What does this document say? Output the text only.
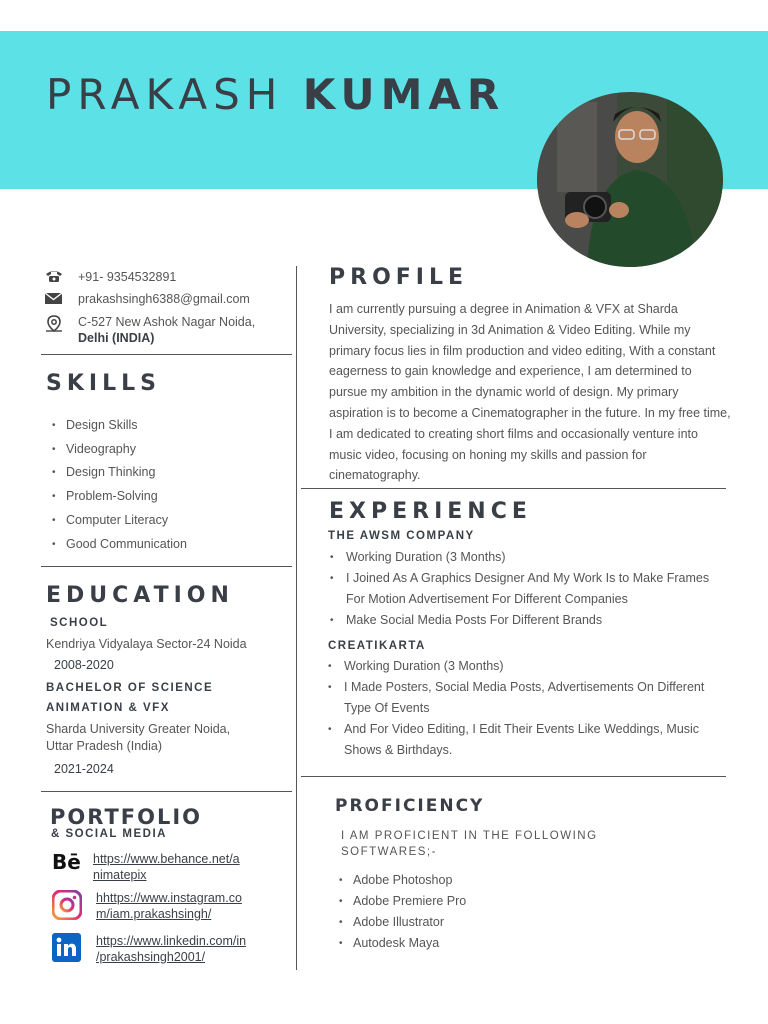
PRAKASH KUMAR
+91- 9354532891
prakashsingh6388@gmail.com
C-527 New Ashok Nagar Noida,
Delhi (INDIA)
SKILLS
• Design Skills
• Videography
• Design Thinking
• Problem-Solving
• Computer Literacy
• Good Communication
EDUCATION
SCHOOL
Kendriya Vidyalaya Sector-24 Noida
2008-2020
BACHELOR OF SCIENCE
ANIMATION & VFX
Sharda University Greater Noida,
Uttar Pradesh (India)
2021-2024
PORTFOLIO
& SOCIAL MEDIA
Bē https://www.behance.net/a
nimatepix
hhttps://www.instagram.co
m/iam.prakashsingh/
https://www.linkedin.com/in
/prakashsingh2001/
PROFILE

I am currently pursuing a degree in Animation & VFX at Sharda University, specializing in 3d Animation & Video Editing. While my primary focus lies in film production and video editing, With a constant eagerness to gain knowledge and experience, I am determined to pursue my ambition in the dynamic world of design. My primary aspiration is to become a Cinematographer in the future. In my free time, I am dedicated to creating short films and occasionally venture into music video, focusing on honing my skills and passion for cinematography.

EXPERIENCE
THE AWSM COMPANY
• Working Duration (3 Months)
• I Joined As A Graphics Designer And My Work Is to Make Frames For Motion Advertisement For Different Companies
• Make Social Media Posts For Different Brands
CREATIKARTA
• Working Duration (3 Months)
• I Made Posters, Social Media Posts, Advertisements On Different Type Of Events
• And For Video Editing, I Edit Their Events Like Weddings, Music Shows & Birthdays.
PROFICIENCY
I AM PROFICIENT IN THE FOLLOWING
SOFTWARES;-
• Adobe Photoshop
• Adobe Premiere Pro
• Adobe Illustrator
• Autodesk Maya
